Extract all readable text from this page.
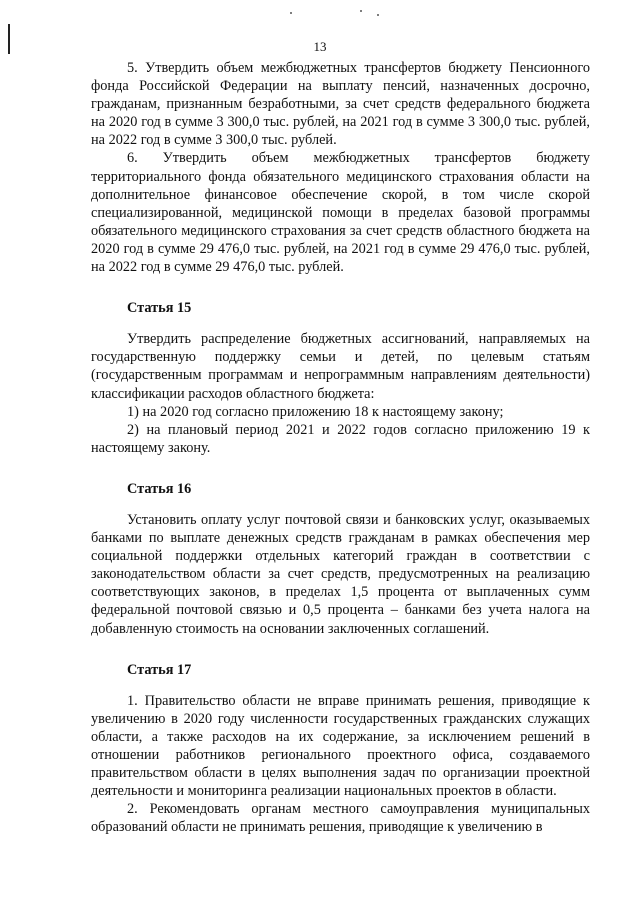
13

5. Утвердить объем межбюджетных трансфертов бюджету Пенсионного фонда Российской Федерации на выплату пенсий, назначенных досрочно, гражданам, признанным безработными, за счет средств федерального бюджета на 2020 год в сумме 3 300,0 тыс. рублей, на 2021 год в сумме 3 300,0 тыс. рублей, на 2022 год в сумме 3 300,0 тыс. рублей.

6. Утвердить объем межбюджетных трансфертов бюджету территориального фонда обязательного медицинского страхования области на дополнительное финансовое обеспечение скорой, в том числе скорой специализированной, медицинской помощи в пределах базовой программы обязательного медицинского страхования за счет средств областного бюджета на 2020 год в сумме 29 476,0 тыс. рублей, на 2021 год в сумме 29 476,0 тыс. рублей, на 2022 год в сумме 29 476,0 тыс. рублей.

Статья 15

Утвердить распределение бюджетных ассигнований, направляемых на государственную поддержку семьи и детей, по целевым статьям (государственным программам и непрограммным направлениям деятельности) классификации расходов областного бюджета:

1) на 2020 год согласно приложению 18 к настоящему закону;

2) на плановый период 2021 и 2022 годов согласно приложению 19 к настоящему закону.

Статья 16

Установить оплату услуг почтовой связи и банковских услуг, оказываемых банками по выплате денежных средств гражданам в рамках обеспечения мер социальной поддержки отдельных категорий граждан в соответствии с законодательством области за счет средств, предусмотренных на реализацию соответствующих законов, в пределах 1,5 процента от выплаченных сумм федеральной почтовой связью и 0,5 процента – банками без учета налога на добавленную стоимость на основании заключенных соглашений.

Статья 17

1. Правительство области не вправе принимать решения, приводящие к увеличению в 2020 году численности государственных гражданских служащих области, а также расходов на их содержание, за исключением решений в отношении работников регионального проектного офиса, создаваемого правительством области в целях выполнения задач по организации проектной деятельности и мониторинга реализации национальных проектов в области.

2. Рекомендовать органам местного самоуправления муниципальных образований области не принимать решения, приводящие к увеличению в
